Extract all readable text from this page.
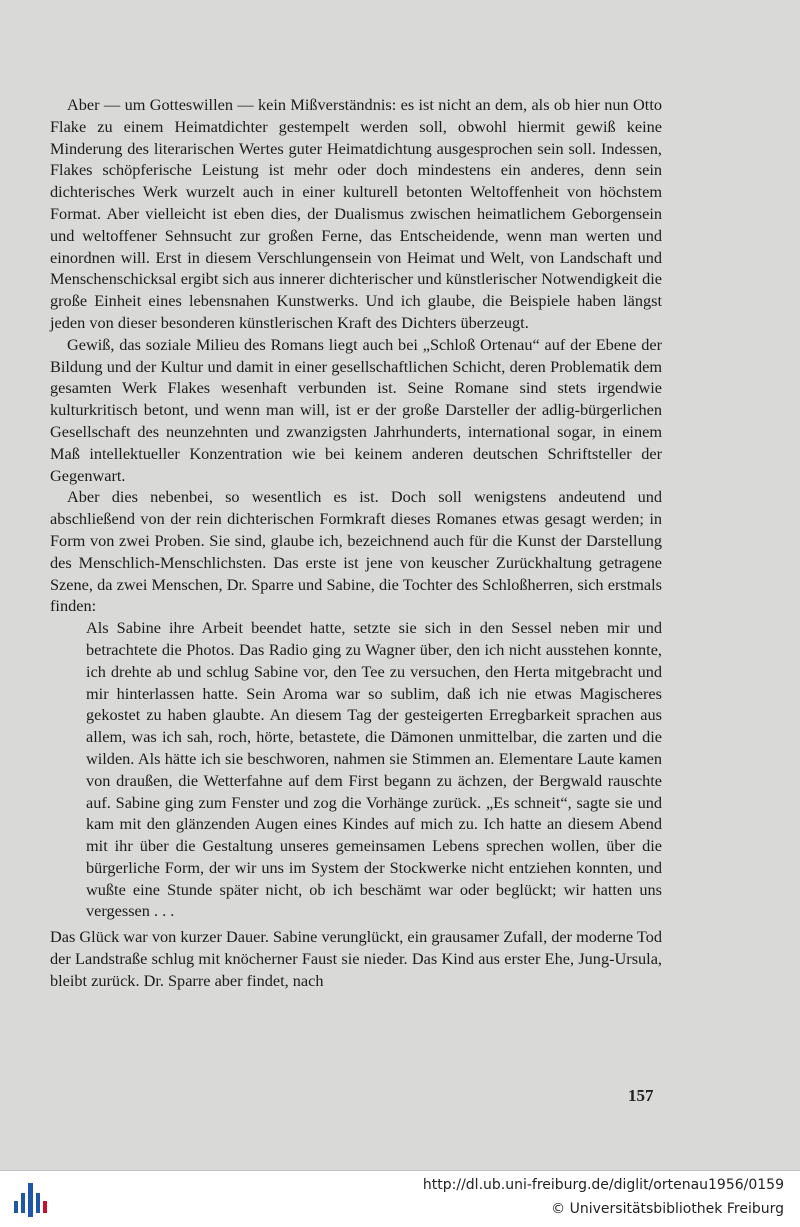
Aber — um Gotteswillen — kein Mißverständnis: es ist nicht an dem, als ob hier nun Otto Flake zu einem Heimatdichter gestempelt werden soll, obwohl hiermit gewiß keine Minderung des literarischen Wertes guter Heimatdichtung ausgesprochen sein soll. Indessen, Flakes schöpferische Leistung ist mehr oder doch mindestens ein anderes, denn sein dichterisches Werk wurzelt auch in einer kulturell betonten Weltoffenheit von höchstem Format. Aber vielleicht ist eben dies, der Dualismus zwischen heimatlichem Geborgensein und weltoffener Sehnsucht zur großen Ferne, das Entscheidende, wenn man werten und einordnen will. Erst in diesem Verschlungensein von Heimat und Welt, von Landschaft und Menschenschicksal ergibt sich aus innerer dichterischer und künstlerischer Notwendigkeit die große Einheit eines lebensnahen Kunstwerks. Und ich glaube, die Beispiele haben längst jeden von dieser besonderen künstlerischen Kraft des Dichters überzeugt.

Gewiß, das soziale Milieu des Romans liegt auch bei „Schloß Ortenau“ auf der Ebene der Bildung und der Kultur und damit in einer gesellschaftlichen Schicht, deren Problematik dem gesamten Werk Flakes wesenhaft verbunden ist. Seine Romane sind stets irgendwie kulturkritisch betont, und wenn man will, ist er der große Darsteller der adlig-bürgerlichen Gesellschaft des neunzehnten und zwanzigsten Jahrhunderts, international sogar, in einem Maß intellektueller Konzentration wie bei keinem anderen deutschen Schriftsteller der Gegenwart.

Aber dies nebenbei, so wesentlich es ist. Doch soll wenigstens andeutend und abschließend von der rein dichterischen Formkraft dieses Romanes etwas gesagt werden; in Form von zwei Proben. Sie sind, glaube ich, bezeichnend auch für die Kunst der Darstellung des Menschlich-Menschlichsten. Das erste ist jene von keuscher Zurückhaltung getragene Szene, da zwei Menschen, Dr. Sparre und Sabine, die Tochter des Schloßherren, sich erstmals finden:

Als Sabine ihre Arbeit beendet hatte, setzte sie sich in den Sessel neben mir und betrachtete die Photos. Das Radio ging zu Wagner über, den ich nicht ausstehen konnte, ich drehte ab und schlug Sabine vor, den Tee zu versuchen, den Herta mitgebracht und mir hinterlassen hatte. Sein Aroma war so sublim, daß ich nie etwas Magischeres gekostet zu haben glaubte. An diesem Tag der gesteigerten Erregbarkeit sprachen aus allem, was ich sah, roch, hörte, betastete, die Dämonen unmittelbar, die zarten und die wilden. Als hätte ich sie beschworen, nahmen sie Stimmen an. Elementare Laute kamen von draußen, die Wetterfahne auf dem First begann zu ächzen, der Bergwald rauschte auf. Sabine ging zum Fenster und zog die Vorhänge zurück. „Es schneit“, sagte sie und kam mit den glänzenden Augen eines Kindes auf mich zu. Ich hatte an diesem Abend mit ihr über die Gestaltung unseres gemeinsamen Lebens sprechen wollen, über die bürgerliche Form, der wir uns im System der Stockwerke nicht entziehen konnten, und wußte eine Stunde später nicht, ob ich beschämt war oder beglückt; wir hatten uns vergessen . . .

Das Glück war von kurzer Dauer. Sabine verunglückt, ein grausamer Zufall, der moderne Tod der Landstraße schlug mit knöcherner Faust sie nieder. Das Kind aus erster Ehe, Jung-Ursula, bleibt zurück. Dr. Sparre aber findet, nach

157
http://dl.ub.uni-freiburg.de/diglit/ortenau1956/0159
© Universitätsbibliothek Freiburg
